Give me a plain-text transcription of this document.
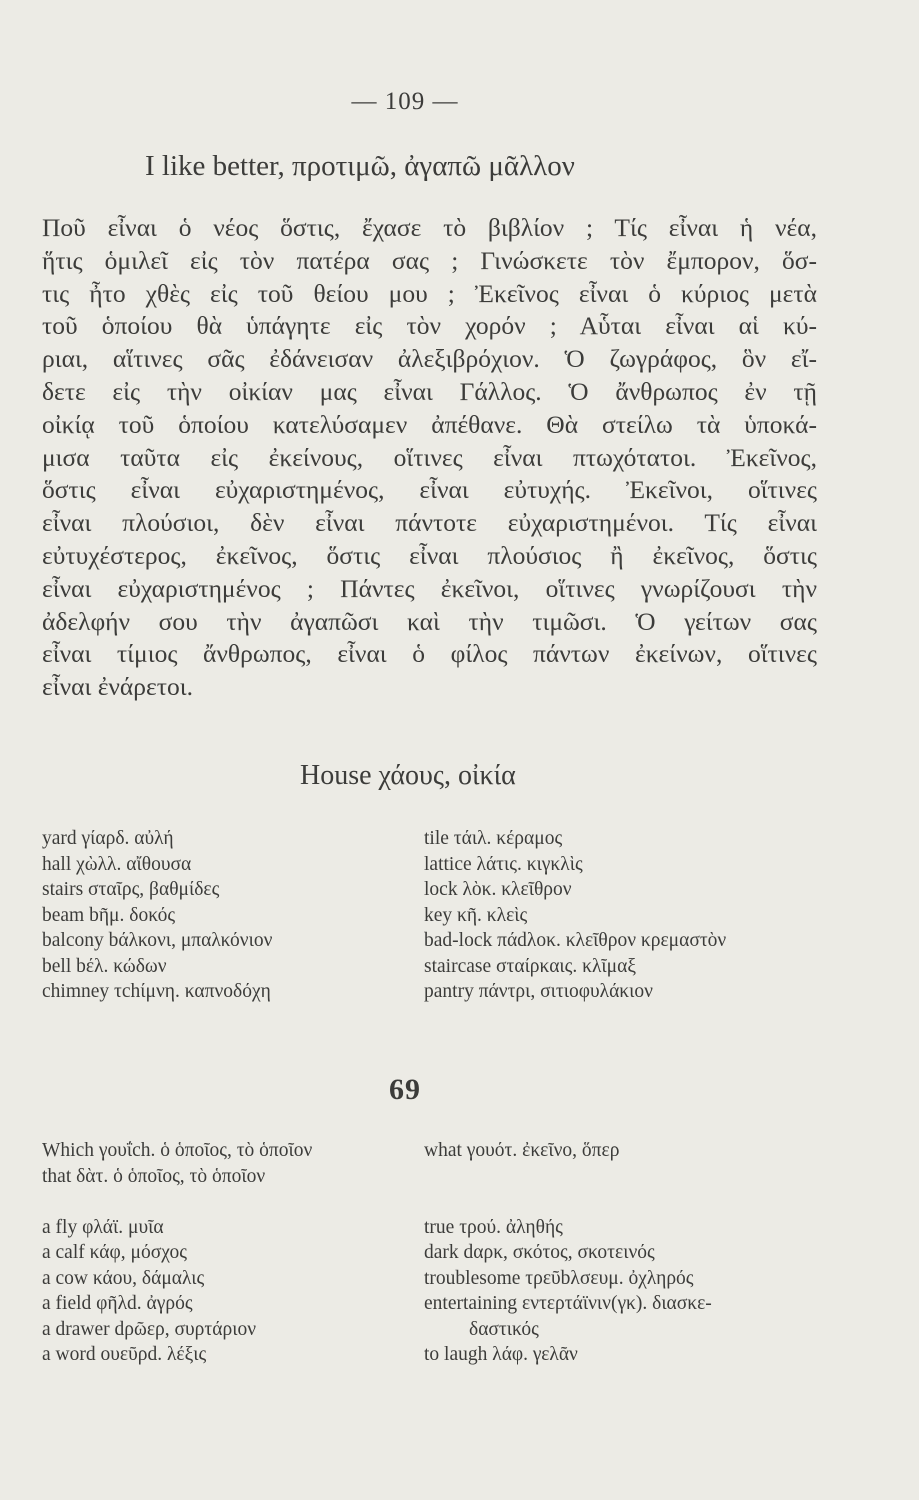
— 109 —
I like better, προτιμῶ, ἀγαπῶ μᾶλλον

Ποῦ εἶναι ὁ νέος ὅστις, ἔχασε τὸ βιβλίον ; Τίς εἶναι ἡ νέα,
ἥτις ὁμιλεῖ εἰς τὸν πατέρα σας ; Γινώσκετε τὸν ἔμπορον, ὅσ-
τις ἦτο χθὲς εἰς τοῦ θείου μου ; Ἐκεῖνος εἶναι ὁ κύριος μετὰ
τοῦ ὁποίου θὰ ὑπάγητε εἰς τὸν χορόν ; Αὗται εἶναι αἱ κύ-
ριαι, αἵτινες σᾶς ἐδάνεισαν ἀλεξιβρόχιον. Ὁ ζωγράφος, ὃν εἴ-
δετε εἰς τὴν οἰκίαν μας εἶναι Γάλλος. Ὁ ἄνθρωπος ἐν τῇ
οἰκίᾳ τοῦ ὁποίου κατελύσαμεν ἀπέθανε. Θὰ στείλω τὰ ὑποκά-
μισα ταῦτα εἰς ἐκείνους, οἵτινες εἶναι πτωχότατοι. Ἐκεῖνος,
ὅστις εἶναι εὐχαριστημένος, εἶναι εὐτυχής. Ἐκεῖνοι, οἵτινες
εἶναι πλούσιοι, δὲν εἶναι πάντοτε εὐχαριστημένοι. Τίς εἶναι
εὐτυχέστερος, ἐκεῖνος, ὅστις εἶναι πλούσιος ἢ ἐκεῖνος, ὅστις
εἶναι εὐχαριστημένος ; Πάντες ἐκεῖνοι, οἵτινες γνωρίζουσι τὴν
ἀδελφήν σου τὴν ἀγαπῶσι καὶ τὴν τιμῶσι. Ὁ γείτων σας
εἶναι τίμιος ἄνθρωπος, εἶναι ὁ φίλος πάντων ἐκείνων, οἵτινες
εἶναι ἐνάρετοι.

House χάους, οἰκία
yard γίαρδ. αὐλή
hall χὼλλ. αἴθουσα
stairs σταῖρς, βαθμίδες
beam bῆμ. δοκός
balcony bάλκονι, μπαλκόνιον
bell bέλ. κώδων
chimney τchίμνη. καπνοδόχη
tile τάιλ. κέραμος
lattice λάτις. κιγκλὶς
lock λὸκ. κλεῖθρον
key κῆ. κλεὶς
bad-lock πάdλοκ. κλεῖθρον κρεμαστὸν
staircase σταίρκαις. κλῖμαξ
pantry πάντρι, σιτιοφυλάκιον
69
Which γουΐch. ὁ ὁποῖος, τὸ ὁποῖον
that δὰτ. ὁ ὁποῖος, τὸ ὁποῖον

a fly φλάϊ. μυῖα
a calf κάφ, μόσχος
a cow κάου, δάμαλις
a field φῆλd. ἀγρός
a drawer dρῶερ, συρτάριον
a word ουεῦρd. λέξις
what γουότ. ἐκεῖνο, ὅπερ

true τρού. ἀληθής
dark dαρκ, σκότος, σκοτεινός
troublesome τρεῦbλσευμ. ὀχληρός
entertaining εντερτάϊνιν(γκ). διασκε-
δαστικός
to laugh λάφ. γελᾶν
